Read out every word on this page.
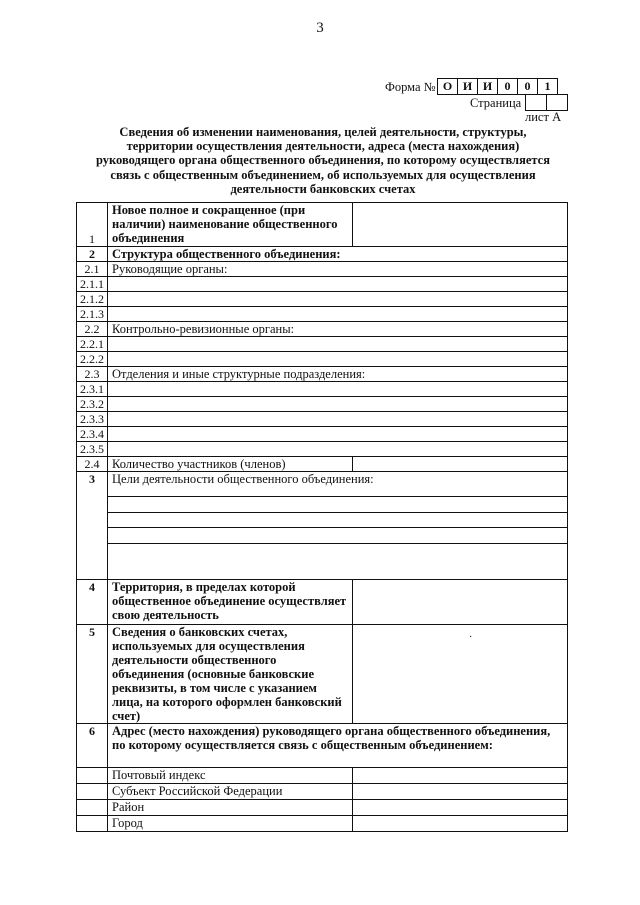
3
Форма № О И И	0	0	1
Страница
лист А
Сведения об изменении наименования, целей деятельности, структуры,
территории осуществления деятельности, адреса (места нахождения)
руководящего органа общественного объединения, по которому осуществляется
связь с общественным объединением, об используемых для осуществления
деятельности банковских счетах
1	Новое полное и сокращенное (при наличии) наименование общественного объединения	
2	Структура общественного объединения:	
2.1	Руководящие органы:	
2.1.1		
2.1.2		
2.1.3		
2.2	Контрольно-ревизионные органы:	
2.2.1		
2.2.2		
2.3	Отделения и иные структурные подразделения:	
2.3.1		
2.3.2		
2.3.3		
2.3.4		
2.3.5		
2.4	Количество участников (членов)	
3	Цели деятельности общественного объединения:	

4	Территория, в пределах которой общественное объединение осуществляет свою деятельность	
5	Сведения о банковских счетах, используемых для осуществления деятельности общественного объединения (основные банковские реквизиты, в том числе с указанием лица, на которого оформлен банковский счет)	·

6	Адрес (место нахождения) руководящего органа общественного объединения, по которому осуществляется связь с общественным объединением:	
	Почтовый индекс	

	Субъект Российской Федерации	
	Район	
	Город	
